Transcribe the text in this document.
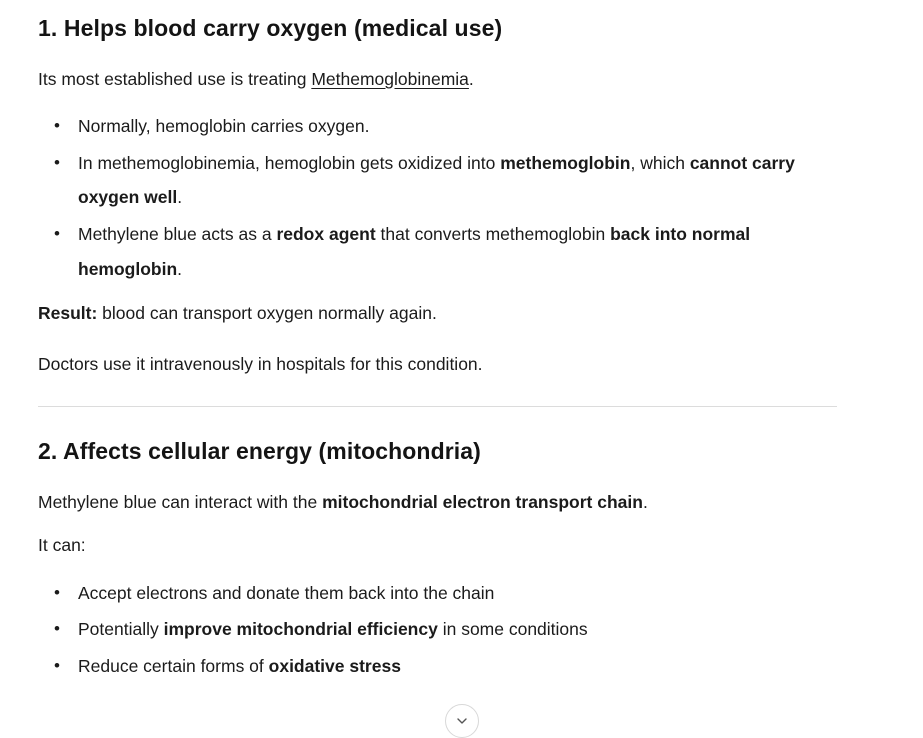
1. Helps blood carry oxygen (medical use)

Its most established use is treating Methemoglobinemia.

• Normally, hemoglobin carries oxygen.
• In methemoglobinemia, hemoglobin gets oxidized into methemoglobin, which cannot carry oxygen well.
• Methylene blue acts as a redox agent that converts methemoglobin back into normal hemoglobin.

Result: blood can transport oxygen normally again.

Doctors use it intravenously in hospitals for this condition.

2. Affects cellular energy (mitochondria)

Methylene blue can interact with the mitochondrial electron transport chain.

It can:

• Accept electrons and donate them back into the chain
• Potentially improve mitochondrial efficiency in some conditions
• Reduce certain forms of oxidative stress
